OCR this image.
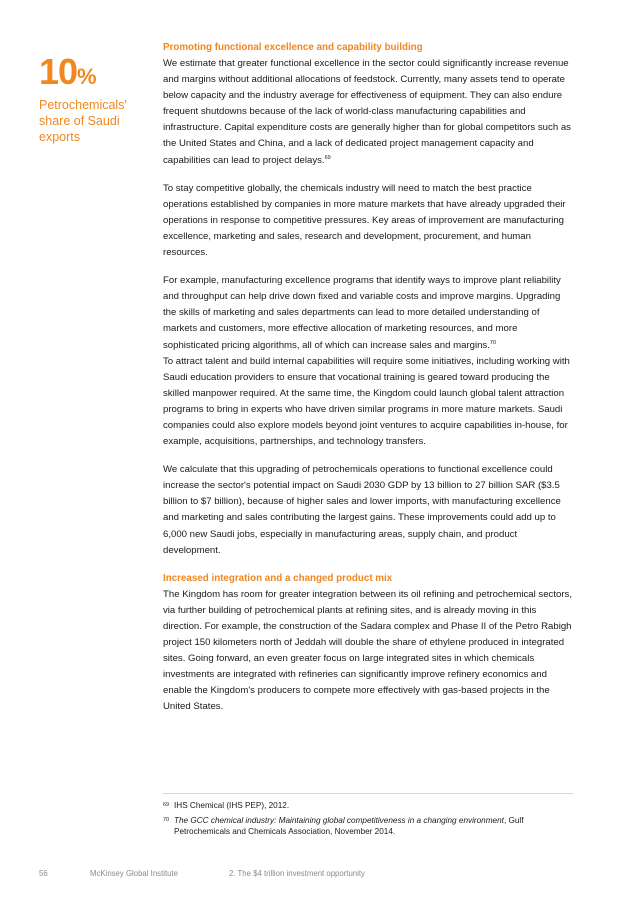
10%
Petrochemicals' share of Saudi exports
Promoting functional excellence and capability building

We estimate that greater functional excellence in the sector could significantly increase revenue and margins without additional allocations of feedstock. Currently, many assets tend to operate below capacity and the industry average for effectiveness of equipment. They can also endure frequent shutdowns because of the lack of world-class manufacturing capabilities and infrastructure. Capital expenditure costs are generally higher than for global competitors such as the United States and China, and a lack of dedicated project management capacity and capabilities can lead to project delays.$^{69}$

To stay competitive globally, the chemicals industry will need to match the best practice operations established by companies in more mature markets that have already upgraded their operations in response to competitive pressures. Key areas of improvement are manufacturing excellence, marketing and sales, research and development, procurement, and human resources.

For example, manufacturing excellence programs that identify ways to improve plant reliability and throughput can help drive down fixed and variable costs and improve margins. Upgrading the skills of marketing and sales departments can lead to more detailed understanding of markets and customers, more effective allocation of marketing resources, and more sophisticated pricing algorithms, all of which can increase sales and margins.$^{70}$

To attract talent and build internal capabilities will require some initiatives, including working with Saudi education providers to ensure that vocational training is geared toward producing the skilled manpower required. At the same time, the Kingdom could launch global talent attraction programs to bring in experts who have driven similar programs in more mature markets. Saudi companies could also explore models beyond joint ventures to acquire capabilities in-house, for example, acquisitions, partnerships, and technology transfers.

We calculate that this upgrading of petrochemicals operations to functional excellence could increase the sector's potential impact on Saudi 2030 GDP by 13 billion to 27 billion SAR ($3.5 billion to $7 billion), because of higher sales and lower imports, with manufacturing excellence and marketing and sales contributing the largest gains. These improvements could add up to 6,000 new Saudi jobs, especially in manufacturing areas, supply chain, and product development.

Increased integration and a changed product mix

The Kingdom has room for greater integration between its oil refining and petrochemical sectors, via further building of petrochemical plants at refining sites, and is already moving in this direction. For example, the construction of the Sadara complex and Phase II of the Petro Rabigh project 150 kilometers north of Jeddah will double the share of ethylene produced in integrated sites. Going forward, an even greater focus on large integrated sites in which chemicals investments are integrated with refineries can significantly improve refinery economics and enable the Kingdom's producers to compete more effectively with gas-based projects in the United States.

69 IHS Chemical (IHS PEP), 2012.
70 The GCC chemical industry: Maintaining global competitiveness in a changing environment, Gulf Petrochemicals and Chemicals Association, November 2014.
56	McKinsey Global Institute	2. The $4 trillion investment opportunity
